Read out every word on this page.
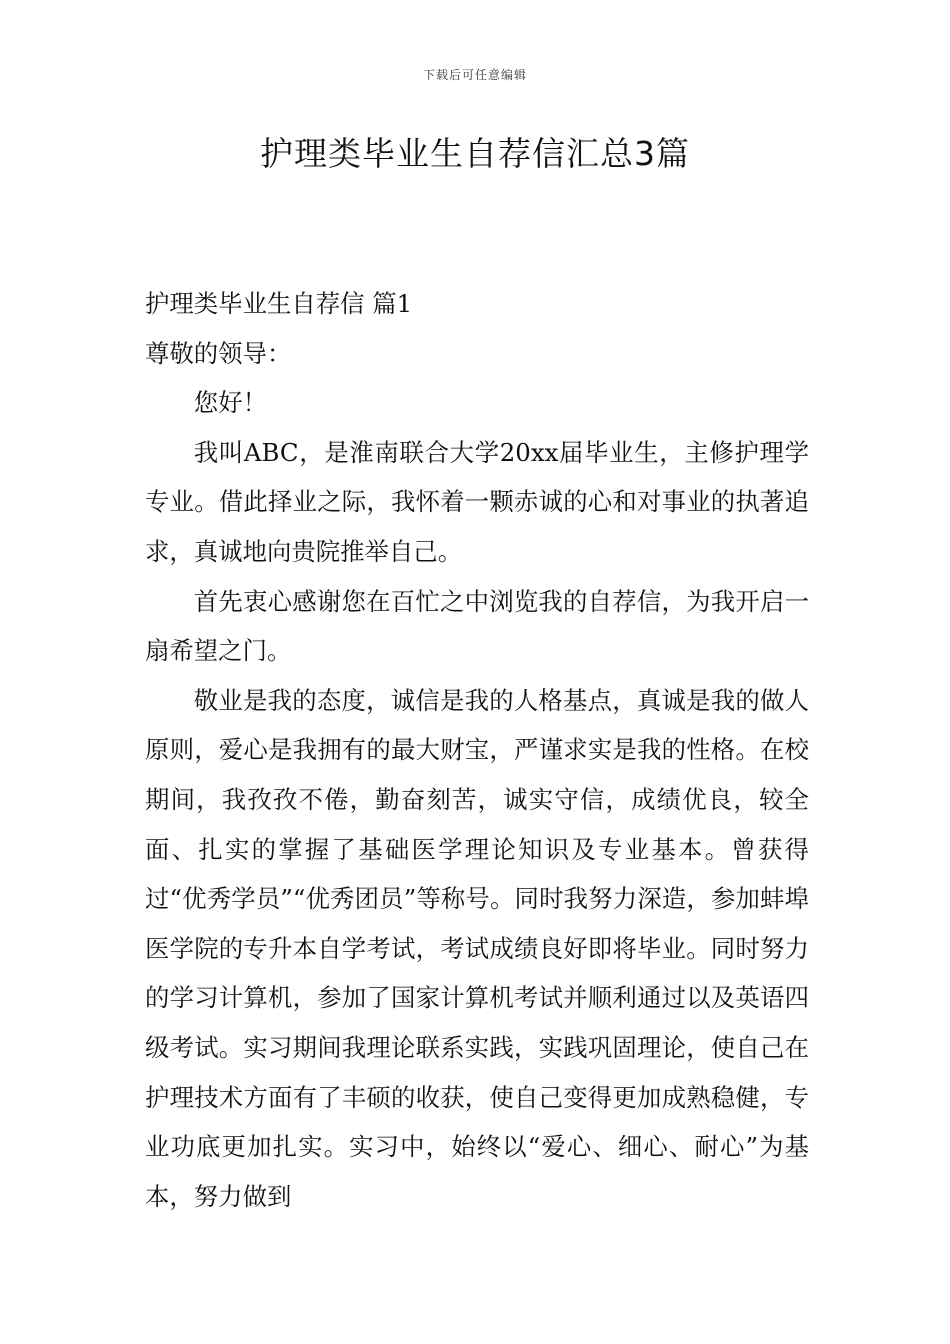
下载后可任意编辑
护理类毕业生自荐信汇总3篇

护理类毕业生自荐信 篇1

尊敬的领导：

您好！

我叫ABC，是淮南联合大学20xx届毕业生，主修护理学专业。借此择业之际，我怀着一颗赤诚的心和对事业的执著追求，真诚地向贵院推举自己。

首先衷心感谢您在百忙之中浏览我的自荐信，为我开启一扇希望之门。

敬业是我的态度，诚信是我的人格基点，真诚是我的做人原则，爱心是我拥有的最大财宝，严谨求实是我的性格。在校期间，我孜孜不倦，勤奋刻苦，诚实守信，成绩优良，较全面、扎实的掌握了基础医学理论知识及专业基本。曾获得过“优秀学员”“优秀团员”等称号。同时我努力深造，参加蚌埠医学院的专升本自学考试，考试成绩良好即将毕业。同时努力的学习计算机，参加了国家计算机考试并顺利通过以及英语四级考试。实习期间我理论联系实践，实践巩固理论，使自己在护理技术方面有了丰硕的收获，使自己变得更加成熟稳健，专业功底更加扎实。实习中，始终以“爱心、细心、耐心”为基本，努力做到
